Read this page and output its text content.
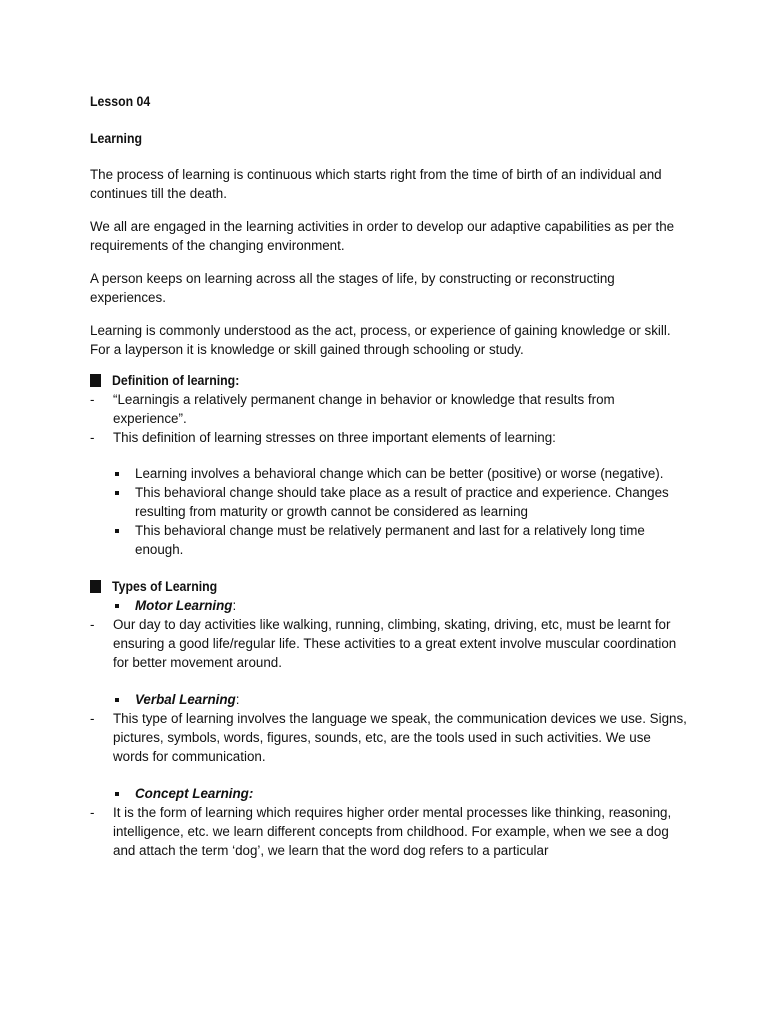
Lesson 04
Learning

The process of learning is continuous which starts right from the time of birth of an individual and continues till the death.

We all are engaged in the learning activities in order to develop our adaptive capabilities as per the requirements of the changing environment.

A person keeps on learning across all the stages of life, by constructing or reconstructing experiences.

Learning is commonly understood as the act, process, or experience of gaining knowledge or skill.
For a layperson it is knowledge or skill gained through schooling or study.

Definition of learning:
- “Learningis a relatively permanent change in behavior or knowledge that results from experience”.
- This definition of learning stresses on three important elements of learning:
Learning involves a behavioral change which can be better (positive) or worse (negative).
This behavioral change should take place as a result of practice and experience. Changes resulting from maturity or growth cannot be considered as learning
This behavioral change must be relatively permanent and last for a relatively long time enough.
Types of Learning
Motor Learning:
- Our day to day activities like walking, running, climbing, skating, driving, etc, must be learnt for ensuring a good life/regular life. These activities to a great extent involve muscular coordination for better movement around.
Verbal Learning:
- This type of learning involves the language we speak, the communication devices we use. Signs, pictures, symbols, words, figures, sounds, etc, are the tools used in such activities. We use words for communication.
Concept Learning:
- It is the form of learning which requires higher order mental processes like thinking, reasoning, intelligence, etc. we learn different concepts from childhood. For example, when we see a dog and attach the term ‘dog’, we learn that the word dog refers to a particular
